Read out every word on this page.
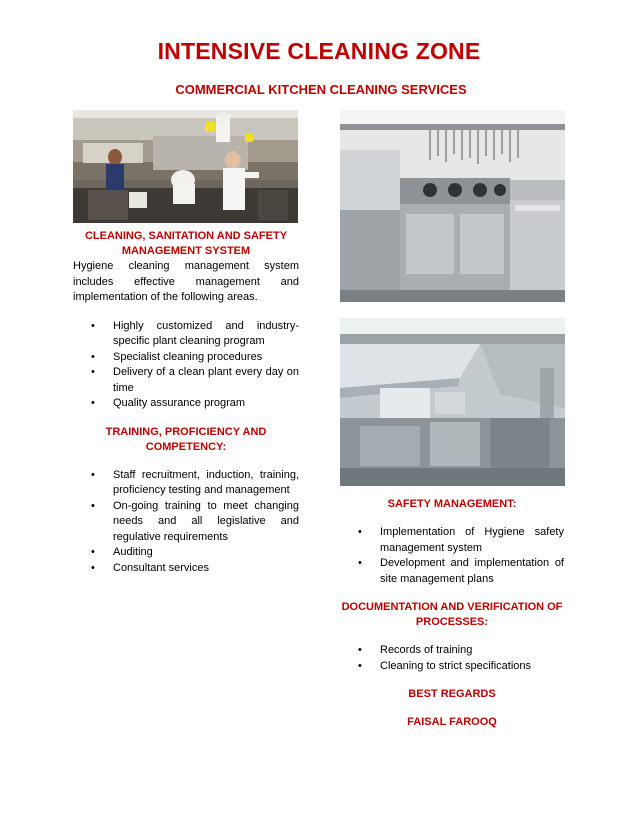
INTENSIVE CLEANING ZONE
COMMERCIAL KITCHEN CLEANING SERVICES
CLEANING, SANITATION AND SAFETY MANAGEMENT SYSTEM
Hygiene cleaning management system includes effective management and implementation of the following areas.
• Highly customized and industry-specific plant cleaning program
• Specialist cleaning procedures
• Delivery of a clean plant every day on time
• Quality assurance program
TRAINING, PROFICIENCY AND COMPETENCY:
• Staff recruitment, induction, training, proficiency testing and management
• On-going training to meet changing needs and all legislative and regulative requirements
• Auditing
• Consultant services
SAFETY MANAGEMENT:
• Implementation of Hygiene safety management system
• Development and implementation of site management plans
DOCUMENTATION AND VERIFICATION OF PROCESSES:
• Records of training
• Cleaning to strict specifications
BEST REGARDS
FAISAL FAROOQ
